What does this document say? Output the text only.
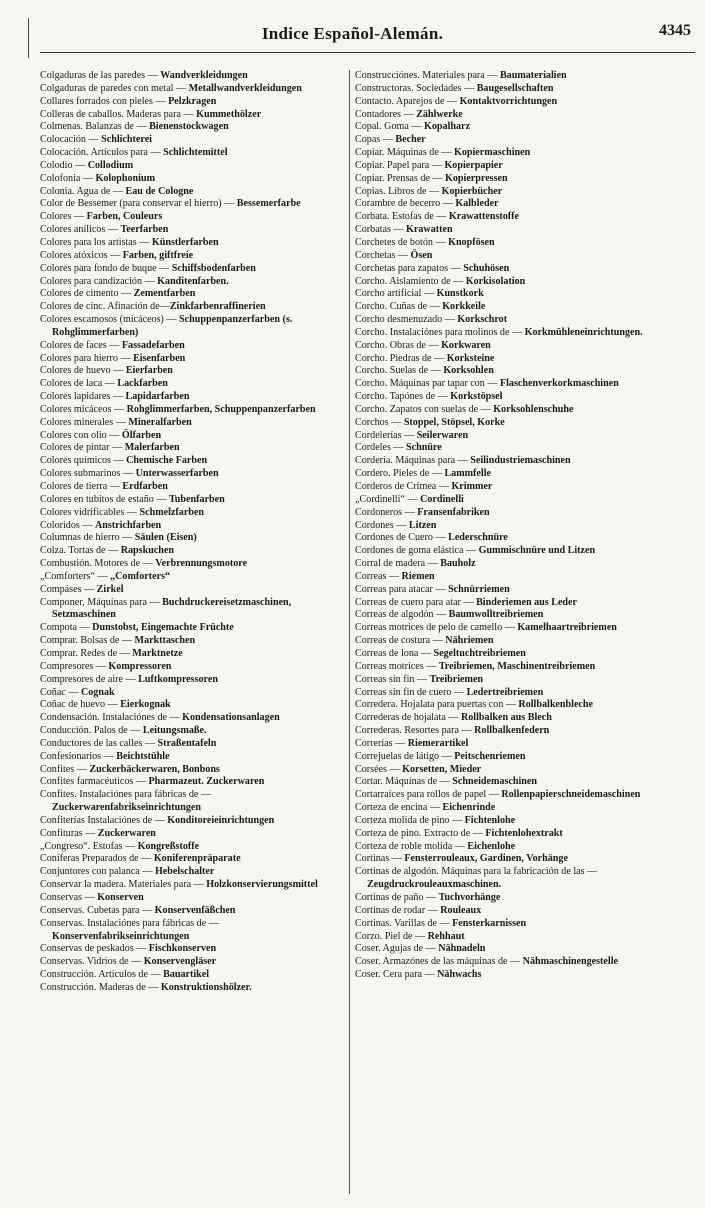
Indice Español-Alemán.	4345
Colgaduras de las paredes — Wandverkleidungen
Colgaduras de paredes con metal — Metallwandverkleidungen
Collares forrados con pieles — Pelzkragen
Colleras de caballos. Maderas para — Kummethölzer
Colmenas. Balanzas de — Bienenstockwagen
Colocación — Schlichterei
Colocación. Artículos para — Schlichtemittel
Colodio — Collodium
Colofonia — Kolophonium
Colonia. Agua de — Eau de Cologne
Color de Bessemer (para conservar el hierro) — Bessemerfarbe
Colores — Farben, Couleurs
Colores anílicos — Teerfarben
Colores para los artistas — Künstlerfarben
Colores atóxicos — Farben, giftfreie
Colores para fondo de buque — Schiffsbodenfarben
Colores para candización — Kanditenfarben.
Colores de cimento — Zementfarben
Colores de cinc. Afinación de—Zinkfarbenraffinerien
Colores escamosos (micáceos) — Schuppenpanzerfarben (s. Rohglimmerfarben)
Colores de faces — Fassadefarben
Colores para hierro — Eisenfarben
Colores de huevo — Eierfarben
Colores de laca — Lackfarben
Colores lapidares — Lapidarfarben
Colores micáceos — Rohglimmerfarben, Schuppenpanzerfarben
Colores minerales — Mineralfarben
Colores con olio — Ölfarben
Colores de pintar — Malerfarben
Colores químicos — Chemische Farben
Colores submarinos — Unterwasserfarben
Colores de tierra — Erdfarben
Colores en tubitos de estaño — Tubenfarben
Colores vidrificables — Schmelzfarben
Coloridos — Anstrichfarben
Columnas de hierro — Säulen (Eisen)
Colza. Tortas de — Rapskuchen
Combustión. Motores de — Verbrennungsmotore
„Comforters“ — „Comforters“
Compáses — Zirkel
Componer, Máquinas para — Buchdruckereisetzmaschinen, Setzmaschinen
Compota — Dunstobst, Eingemachte Früchte
Comprar. Bolsas de — Markttaschen
Comprar. Redes de — Marktnetze
Compresores — Kompressoren
Compresores de aire — Luftkompressoren
Coñac — Cognak
Coñac de huevo — Eierkognak
Condensación. Instalaciónes de — Kondensationsanlagen
Conducción. Palos de — Leitungsmaße.
Conductores de las calles — Straßentafeln
Confesionarios — Beichtstühle
Confites — Zuckerbäckerwaren, Bonbons
Confites farmacéuticos — Pharmazeut. Zuckerwaren
Confites. Instalaciónes para fábricas de — Zuckerwarenfabrikseinrichtungen
Confiterías Instalaciónes de — Konditoreieinrichtungen
Confituras — Zuckerwaren
„Congreso“. Estofas — Kongreßstoffe
Coníferas Preparados de — Koniferenpräparate
Conjuntores con palanca — Hebelschalter
Conservar la madera. Materiales para — Holzkonservierungsmittel
Conservas — Konserven
Conservas. Cubetas para — Konservenfäßchen
Conservas. Instalaciónes para fábricas de — Konservenfabrikseinrichtungen
Conservas de peskados — Fischkonserven
Conservas. Vidrios de — Konservengläser
Construcción. Artículos de — Bauartikel
Construcción. Maderas de — Konstruktionshölzer.
Construcciónes. Materiales para — Baumaterialien
Constructoras. Sociedades — Baugesellschaften
Contacto. Aparejos de — Kontaktvorrichtungen
Contadores — Zählwerke
Copal. Goma — Kopalharz
Copas — Becher
Copiar. Máquinas de — Kopiermaschinen
Copiar. Papel para — Kopierpapier
Copiar. Prensas de — Kopierpressen
Copias. Libros de — Kopierbücher
Corambre de becerro — Kalbleder
Corbata. Estofas de — Krawattenstoffe
Corbatas — Krawatten
Corchetes de botón — Knopfösen
Corchetas — Ösen
Corchetas para zapatos — Schuhösen
Corcho. Aislamiento de — Korkisolation
Corcho artificial — Kunstkork
Corcho. Cuñas de — Korkkeile
Corcho desmenuzado — Korkschrot
Corcho. Instalaciónes para molinos de — Korkmühleneinrichtungen.
Corcho. Obras de — Korkwaren
Corcho. Piedras de — Korksteine
Corcho. Suelas de — Korksohlen
Corcho. Máquinas par tapar con — Flaschenverkorkmaschinen
Corcho. Tapónes de — Korkstöpsel
Corcho. Zapatos con suelas de — Korksohlenschuhe
Corchos — Stoppel, Stöpsel, Korke
Cordelerías — Seilerwaren
Cordeles — Schnüre
Cordería. Máquinas para — Seilindustriemaschinen
Cordero. Pieles de — Lammfelle
Corderos de Crimea — Krimmer
„Cordinelli“ — Cordinelli
Cordoneros — Fransenfabriken
Cordones — Litzen
Cordones de Cuero — Lederschnüre
Cordones de goma elástica — Gummischnüre und Litzen
Corral de madera — Bauholz
Correas — Riemen
Correas para atacar — Schnürriemen
Correas de cuero para atar — Binderiemen aus Leder
Correas de algodón — Baumwolltreibriemen
Correas motrices de pelo de camello — Kamelhaartreibriemen
Correas de costura — Nähriemen
Correas de lona — Segeltuchtreibriemen
Correas motrices — Treibriemen, Maschinentreibriemen
Correas sin fin — Treibriemen
Correas sin fin de cuero — Ledertreibriemen
Corredera. Hojalata para puertas con — Rollbalkenbleche
Correderas de hojalata — Rollbalken aus Blech
Correderas. Resortes para — Rollbalkenfedern
Correrías — Riemerartikel
Correjuelas de látigo — Peitschenriemen
Corsées — Korsetten, Mieder
Cortar. Máquinas de — Schneidemaschinen
Cortarraíces para rollos de papel — Rollenpapierschneidemaschinen
Corteza de encina — Eichenrinde
Corteza molida de pino — Fichtenlohe
Corteza de pino. Extracto de — Fichtenlohextrakt
Corteza de roble molida — Eichenlohe
Cortinas — Fensterrouleaux, Gardinen, Vorhänge
Cortinas de algodón. Máquinas para la fabricación de las — Zeugdruckrouleauxmaschinen.
Cortinas de paño — Tuchvorhänge
Cortinas de rodar — Rouleaux
Cortinas. Varillas de — Fensterkarnissen
Corzo. Piel de — Rehhaut
Coser. Agujas de — Nähnadeln
Coser. Armazónes de las máquinas de — Nähmaschinengestelle
Coser. Cera para — Nähwachs
